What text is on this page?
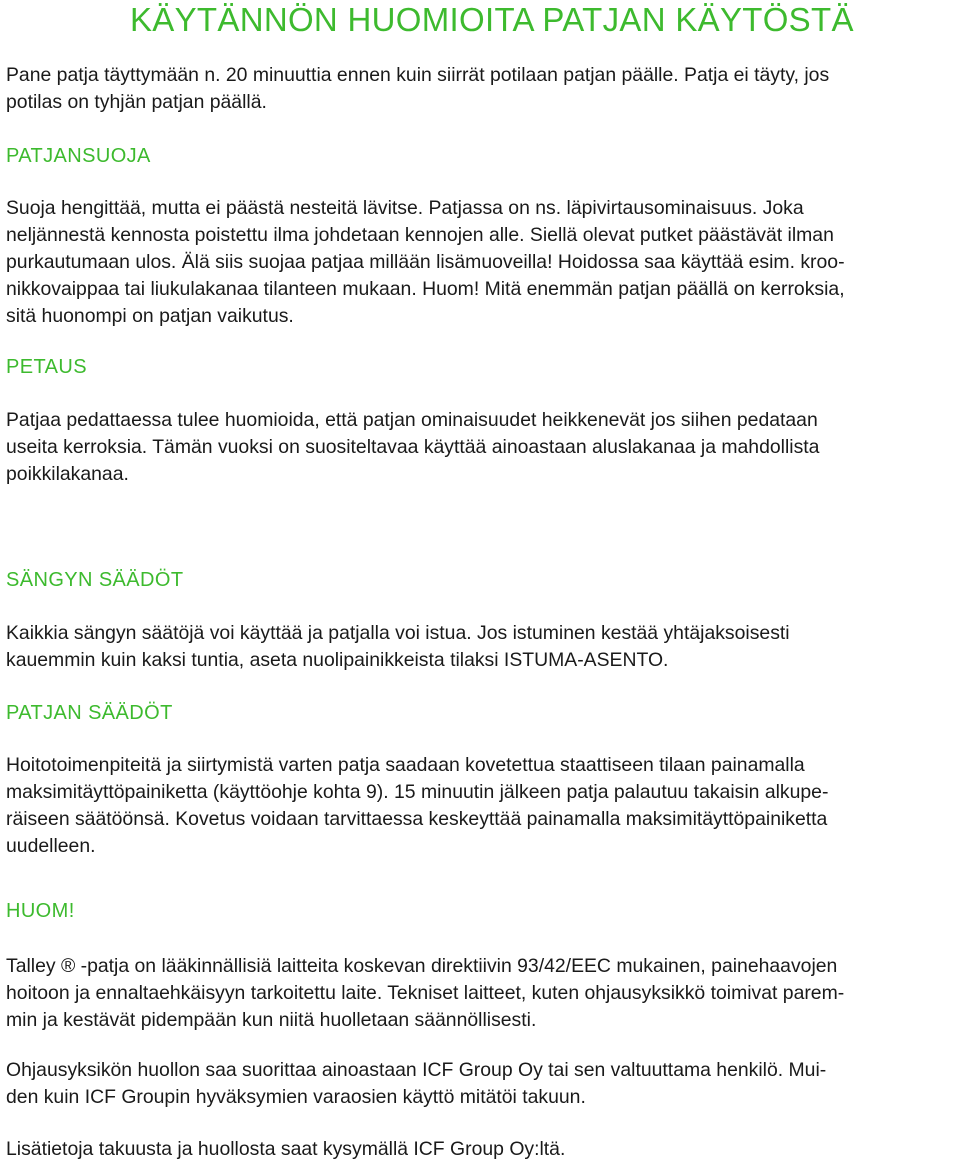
KÄYTÄNNÖN HUOMIOITA PATJAN KÄYTÖSTÄ

Pane patja täyttymään n. 20 minuuttia ennen kuin siirrät potilaan patjan päälle. Patja ei täyty, jos
potilas on tyhjän patjan päällä.

PATJANSUOJA

Suoja hengittää, mutta ei päästä nesteitä lävitse. Patjassa on ns. läpivirtausominaisuus. Joka
neljännestä kennosta poistettu ilma johdetaan kennojen alle. Siellä olevat putket päästävät ilman
purkautumaan ulos. Älä siis suojaa patjaa millään lisämuoveilla! Hoidossa saa käyttää esim. kroo-
nikkovaippaa tai liukulakanaa tilanteen mukaan. Huom! Mitä enemmän patjan päällä on kerroksia,
sitä huonompi on patjan vaikutus.

PETAUS

Patjaa pedattaessa tulee huomioida, että patjan ominaisuudet heikkenevät jos siihen pedataan
useita kerroksia. Tämän vuoksi on suositeltavaa käyttää ainoastaan aluslakanaa ja mahdollista
poikkilakanaa.

SÄNGYN SÄÄDÖT

Kaikkia sängyn säätöjä voi käyttää ja patjalla voi istua. Jos istuminen kestää yhtäjaksoisesti
kauemmin kuin kaksi tuntia, aseta nuolipainikkeista tilaksi ISTUMA-ASENTO.

PATJAN SÄÄDÖT

Hoitotoimenpiteitä ja siirtymistä varten patja saadaan kovetettua staattiseen tilaan painamalla
maksimitäyttöpainiketta (käyttöohje kohta 9). 15 minuutin jälkeen patja palautuu takaisin alkupe-
räiseen säätöönsä. Kovetus voidaan tarvittaessa keskeyttää painamalla maksimitäyttöpainiketta
uudelleen.

HUOM!

Talley ® -patja on lääkinnällisiä laitteita koskevan direktiivin 93/42/EEC mukainen, painehaavojen
hoitoon ja ennaltaehkäisyyn tarkoitettu laite. Tekniset laitteet, kuten ohjausyksikkö toimivat parem-
min ja kestävät pidempään kun niitä huolletaan säännöllisesti.

Ohjausyksikön huollon saa suorittaa ainoastaan ICF Group Oy tai sen valtuuttama henkilö. Mui-
den kuin ICF Groupin hyväksymien varaosien käyttö mitätöi takuun.

Lisätietoja takuusta ja huollosta saat kysymällä ICF Group Oy:ltä.
